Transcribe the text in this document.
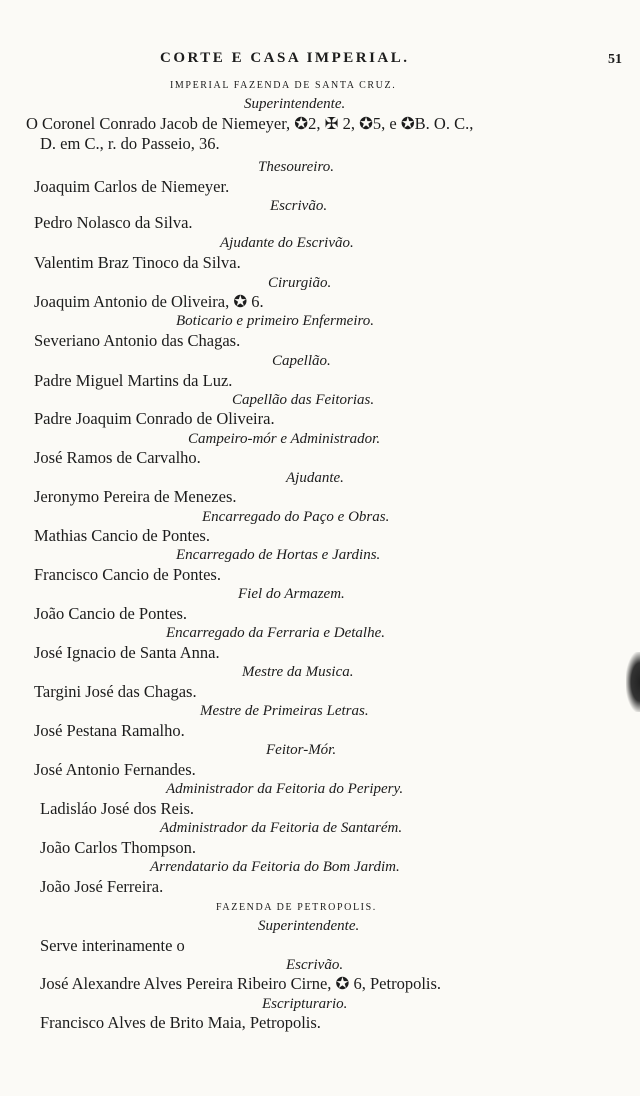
CORTE E CASA IMPERIAL.	51
IMPERIAL FAZENDA DE SANTA CRUZ.
Superintendente.
O Coronel Conrado Jacob de Niemeyer, ✪2, ✠ 2, ✪5, e ✪B. O. C.,
D. em C., r. do Passeio, 36.
Thesoureiro.
Joaquim Carlos de Niemeyer.
Escrivão.
Pedro Nolasco da Silva.
Ajudante do Escrivão.
Valentim Braz Tinoco da Silva.
Cirurgião.
Joaquim Antonio de Oliveira, ✪ 6.
Boticario e primeiro Enfermeiro.
Severiano Antonio das Chagas.
Capellão.
Padre Miguel Martins da Luz.
Capellão das Feitorias.
Padre Joaquim Conrado de Oliveira.
Campeiro-mór e Administrador.
José Ramos de Carvalho.
Ajudante.
Jeronymo Pereira de Menezes.
Encarregado do Paço e Obras.
Mathias Cancio de Pontes.
Encarregado de Hortas e Jardins.
Francisco Cancio de Pontes.
Fiel do Armazem.
João Cancio de Pontes.
Encarregado da Ferraria e Detalhe.
José Ignacio de Santa Anna.
Mestre da Musica.
Targini José das Chagas.
Mestre de Primeiras Letras.
José Pestana Ramalho.
Feitor-Mór.
José Antonio Fernandes.
Administrador da Feitoria do Peripery.
Ladisláo José dos Reis.
Administrador da Feitoria de Santarém.
João Carlos Thompson.
Arrendatario da Feitoria do Bom Jardim.
João José Ferreira.
FAZENDA DE PETROPOLIS.
Superintendente.
Serve interinamente o
Escrivão.
José Alexandre Alves Pereira Ribeiro Cirne, ✪ 6, Petropolis.
Escripturario.
Francisco Alves de Brito Maia, Petropolis.
